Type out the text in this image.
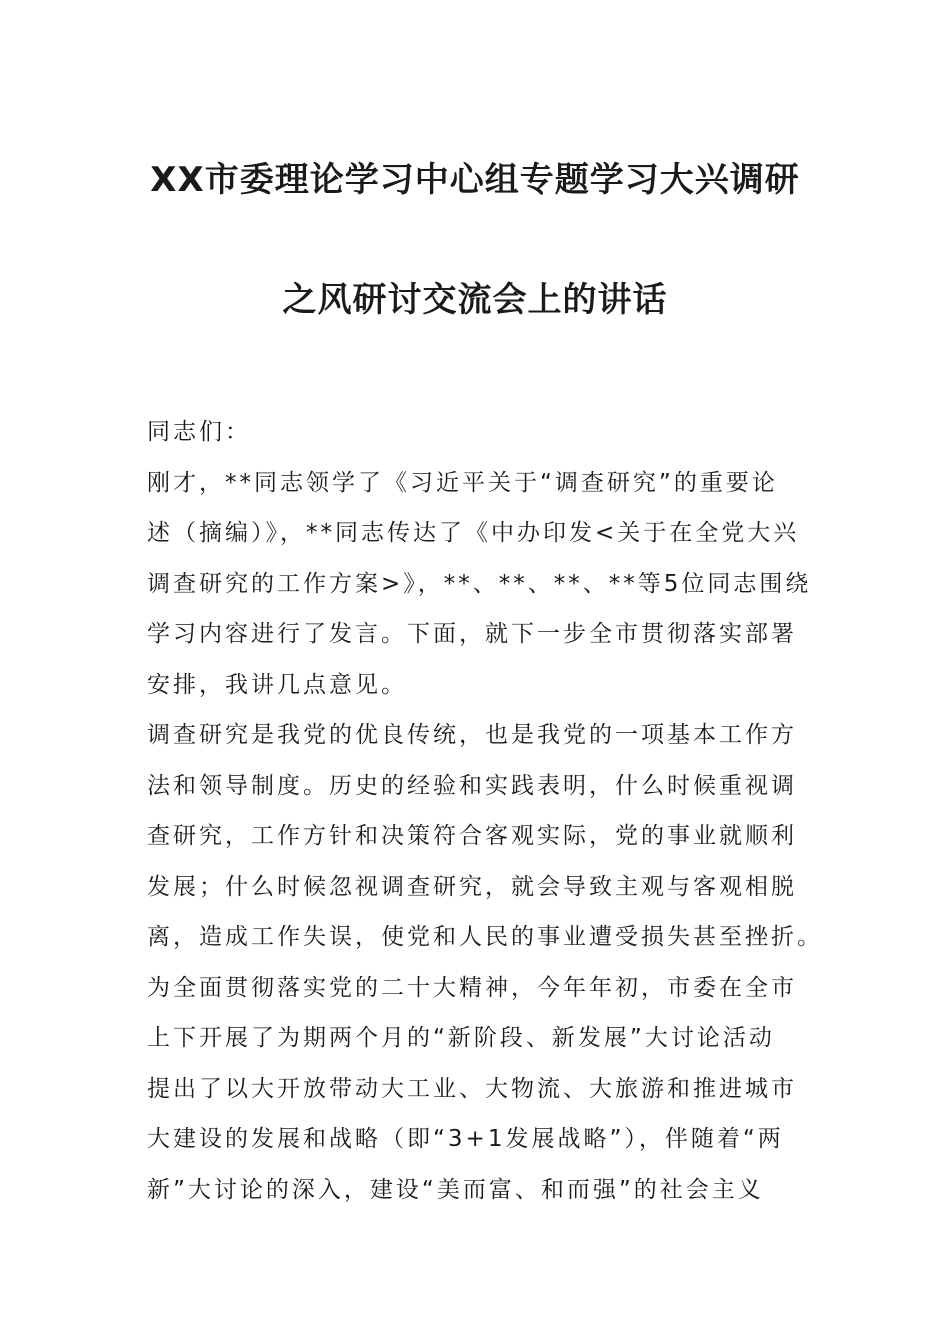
XX市委理论学习中心组专题学习大兴调研
之风研讨交流会上的讲话
同志们：
刚才，**同志领学了《习近平关于“调查研究”的重要论
述（摘编）》，**同志传达了《中办印发<关于在全党大兴
调查研究的工作方案>》，**、**、**、**等5位同志围绕
学习内容进行了发言。下面，就下一步全市贯彻落实部署
安排，我讲几点意见。
调查研究是我党的优良传统，也是我党的一项基本工作方
法和领导制度。历史的经验和实践表明，什么时候重视调
查研究，工作方针和决策符合客观实际，党的事业就顺利
发展；什么时候忽视调查研究，就会导致主观与客观相脱
离，造成工作失误，使党和人民的事业遭受损失甚至挫折。
为全面贯彻落实党的二十大精神，今年年初，市委在全市
上下开展了为期两个月的“新阶段、新发展”大讨论活动
提出了以大开放带动大工业、大物流、大旅游和推进城市
大建设的发展和战略（即“3+1发展战略”），伴随着“两
新”大讨论的深入，建设“美而富、和而强”的社会主义
